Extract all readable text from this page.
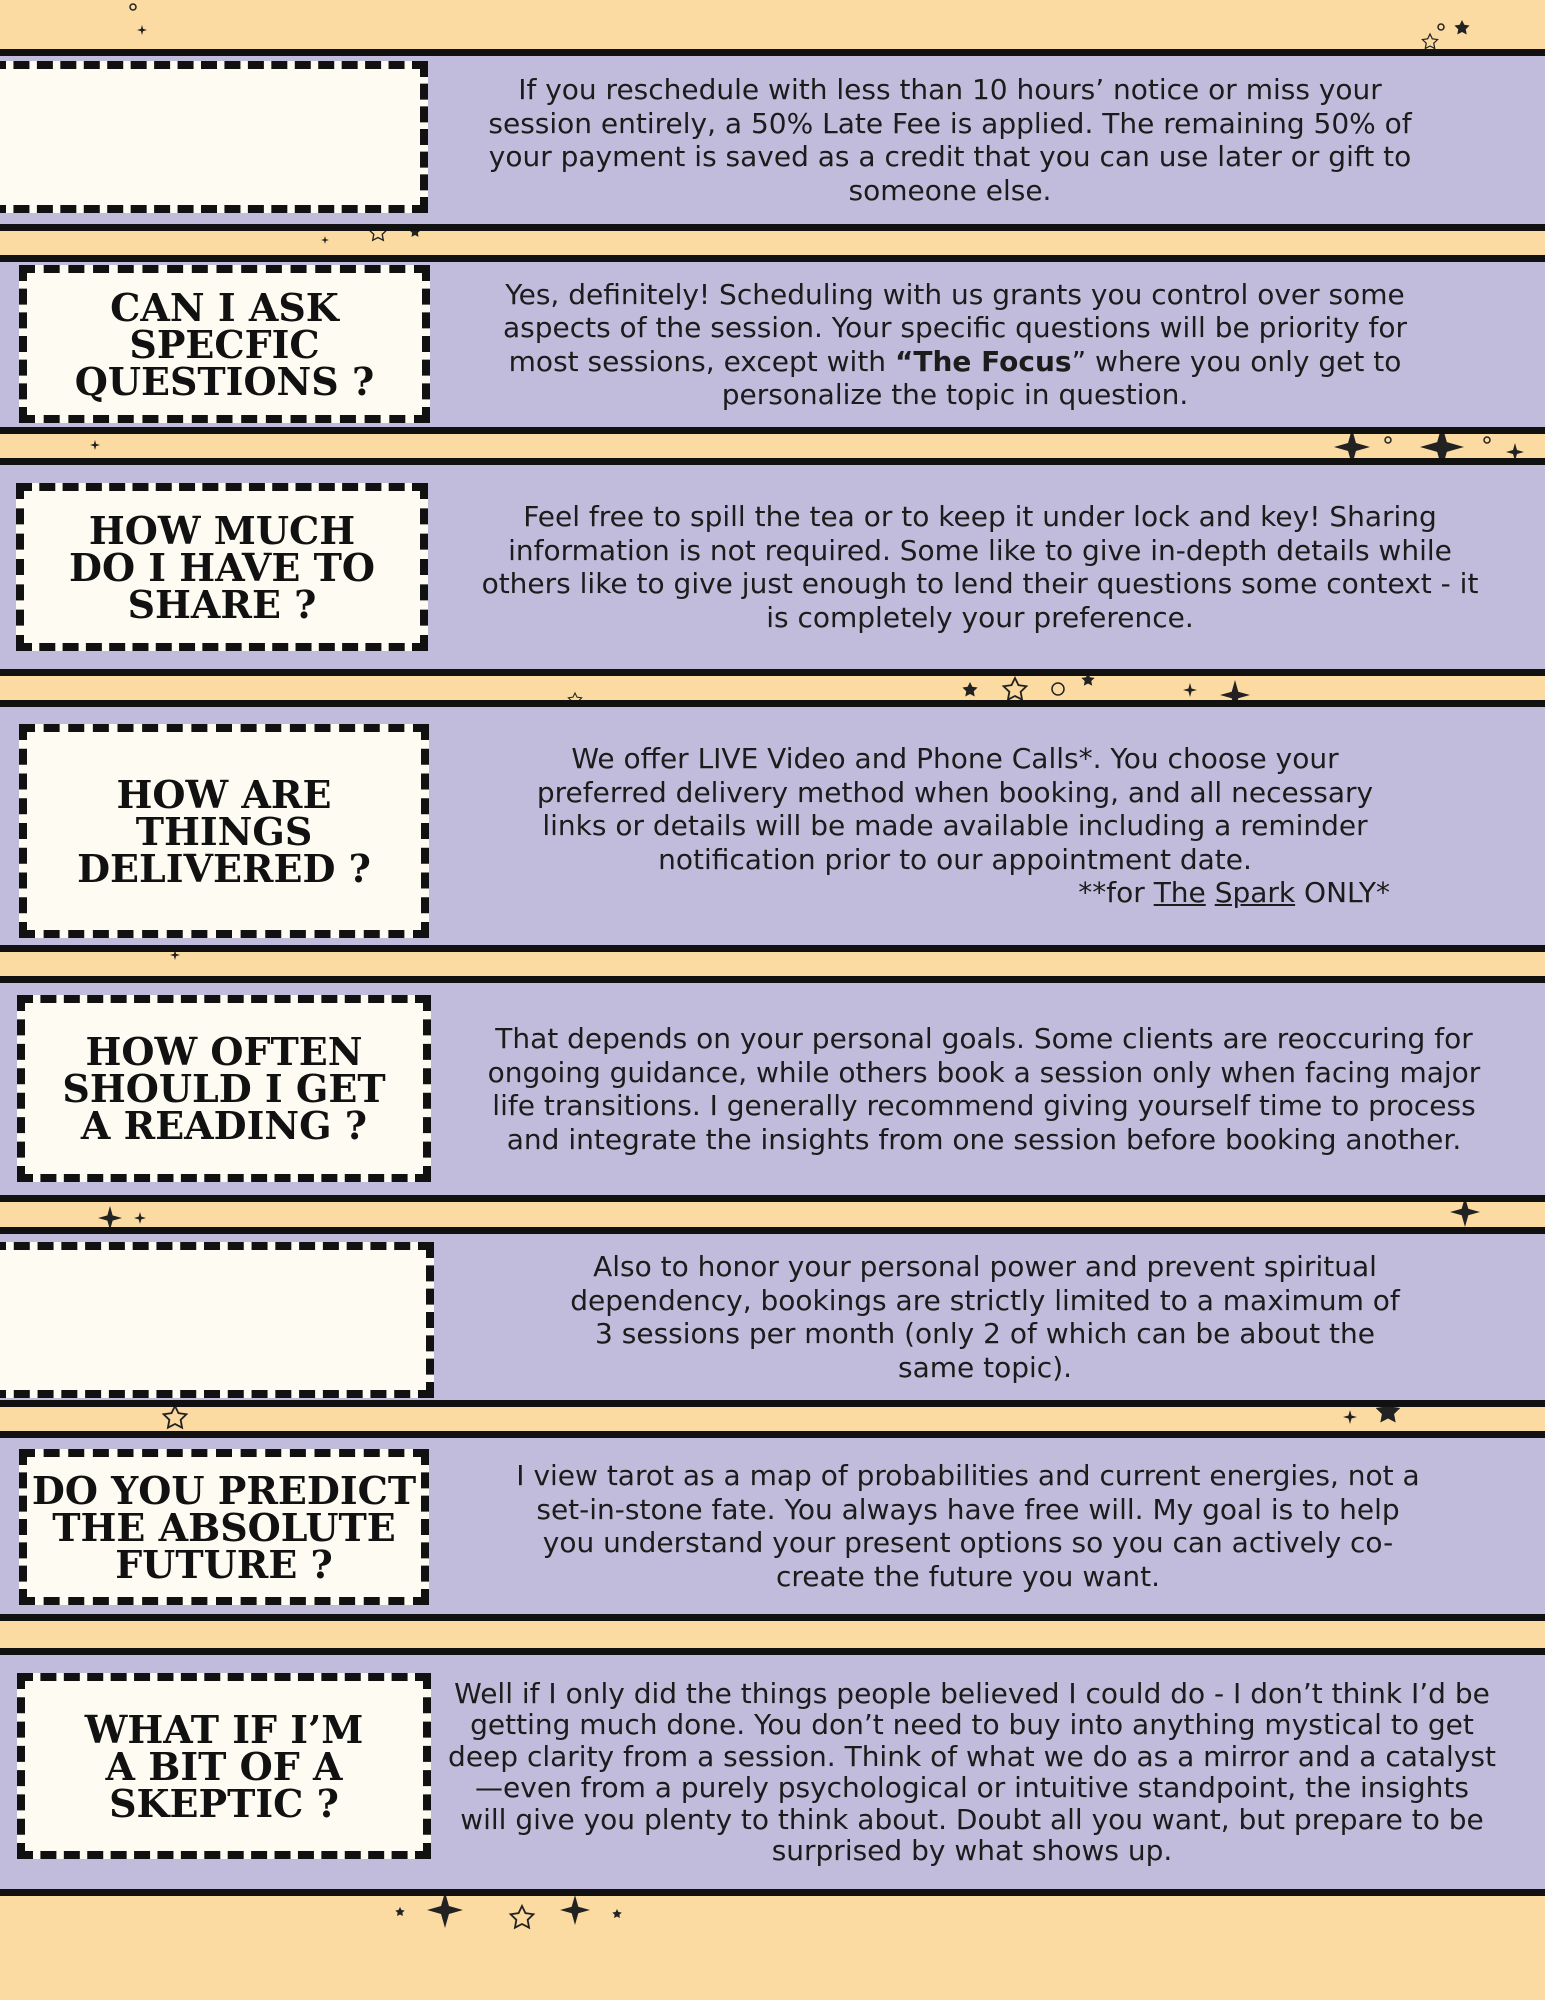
If you reschedule with less than 10 hours’ notice or miss your session entirely, a 50% Late Fee is applied. The remaining 50% of your payment is saved as a credit that you can use later or gift to someone else.
CAN I ASK
SPECFIC
QUESTIONS ?
Yes, definitely! Scheduling with us grants you control over some aspects of the session. Your specific questions will be priority for most sessions, except with “The Focus” where you only get to personalize the topic in question.
HOW MUCH
DO I HAVE TO
SHARE ?
Feel free to spill the tea or to keep it under lock and key! Sharing information is not required. Some like to give in-depth details while others like to give just enough to lend their questions some context - it is completely your preference.
HOW ARE
THINGS
DELIVERED ?
We offer LIVE Video and Phone Calls*. You choose your preferred delivery method when booking, and all necessary links or details will be made available including a reminder notification prior to our appointment date.
**for The Spark ONLY*
HOW OFTEN
SHOULD I GET
A READING ?
That depends on your personal goals. Some clients are reoccuring for ongoing guidance, while others book a session only when facing major life transitions. I generally recommend giving yourself time to process and integrate the insights from one session before booking another.
Also to honor your personal power and prevent spiritual dependency, bookings are strictly limited to a maximum of 3 sessions per month (only 2 of which can be about the same topic).
DO YOU PREDICT
THE ABSOLUTE
FUTURE ?
I view tarot as a map of probabilities and current energies, not a set-in-stone fate. You always have free will. My goal is to help you understand your present options so you can actively co-create the future you want.
WHAT IF I’M
A BIT OF A
SKEPTIC ?
Well if I only did the things people believed I could do - I don’t think I’d be getting much done. You don’t need to buy into anything mystical to get deep clarity from a session. Think of what we do as a mirror and a catalyst—even from a purely psychological or intuitive standpoint, the insights will give you plenty to think about. Doubt all you want, but prepare to be surprised by what shows up.
